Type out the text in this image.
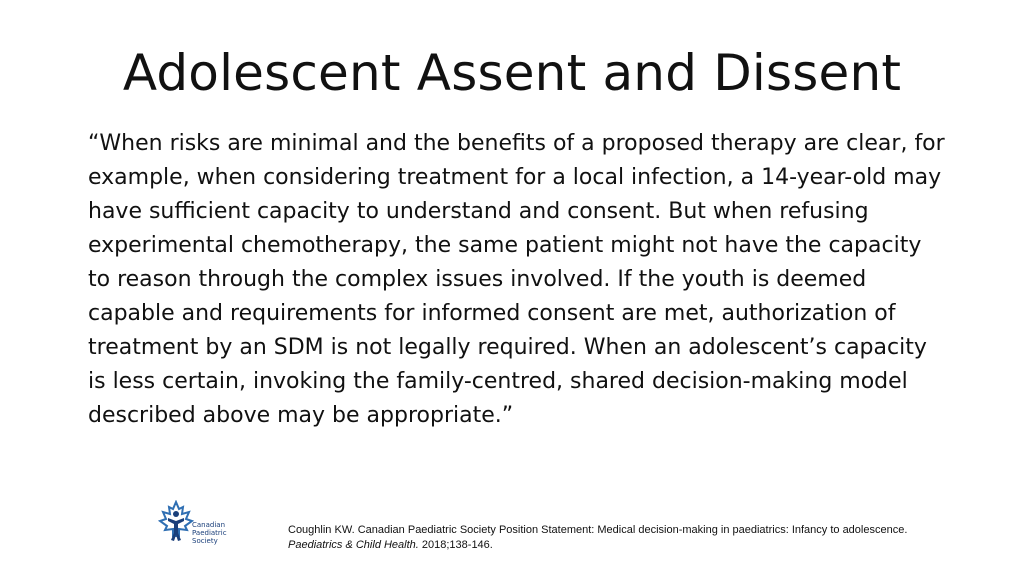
Adolescent Assent and Dissent

“When risks are minimal and the benefits of a proposed therapy are clear, for example, when considering treatment for a local infection, a 14-year-old may have sufficient capacity to understand and consent. But when refusing experimental chemotherapy, the same patient might not have the capacity to reason through the complex issues involved. If the youth is deemed capable and requirements for informed consent are met, authorization of treatment by an SDM is not legally required. When an adolescent’s capacity is less certain, invoking the family-centred, shared decision-making model described above may be appropriate.”

Canadian
Paediatric
Society
Coughlin KW. Canadian Paediatric Society Position Statement: Medical decision-making in paediatrics: Infancy to adolescence. Paediatrics & Child Health. 2018;138-146.
